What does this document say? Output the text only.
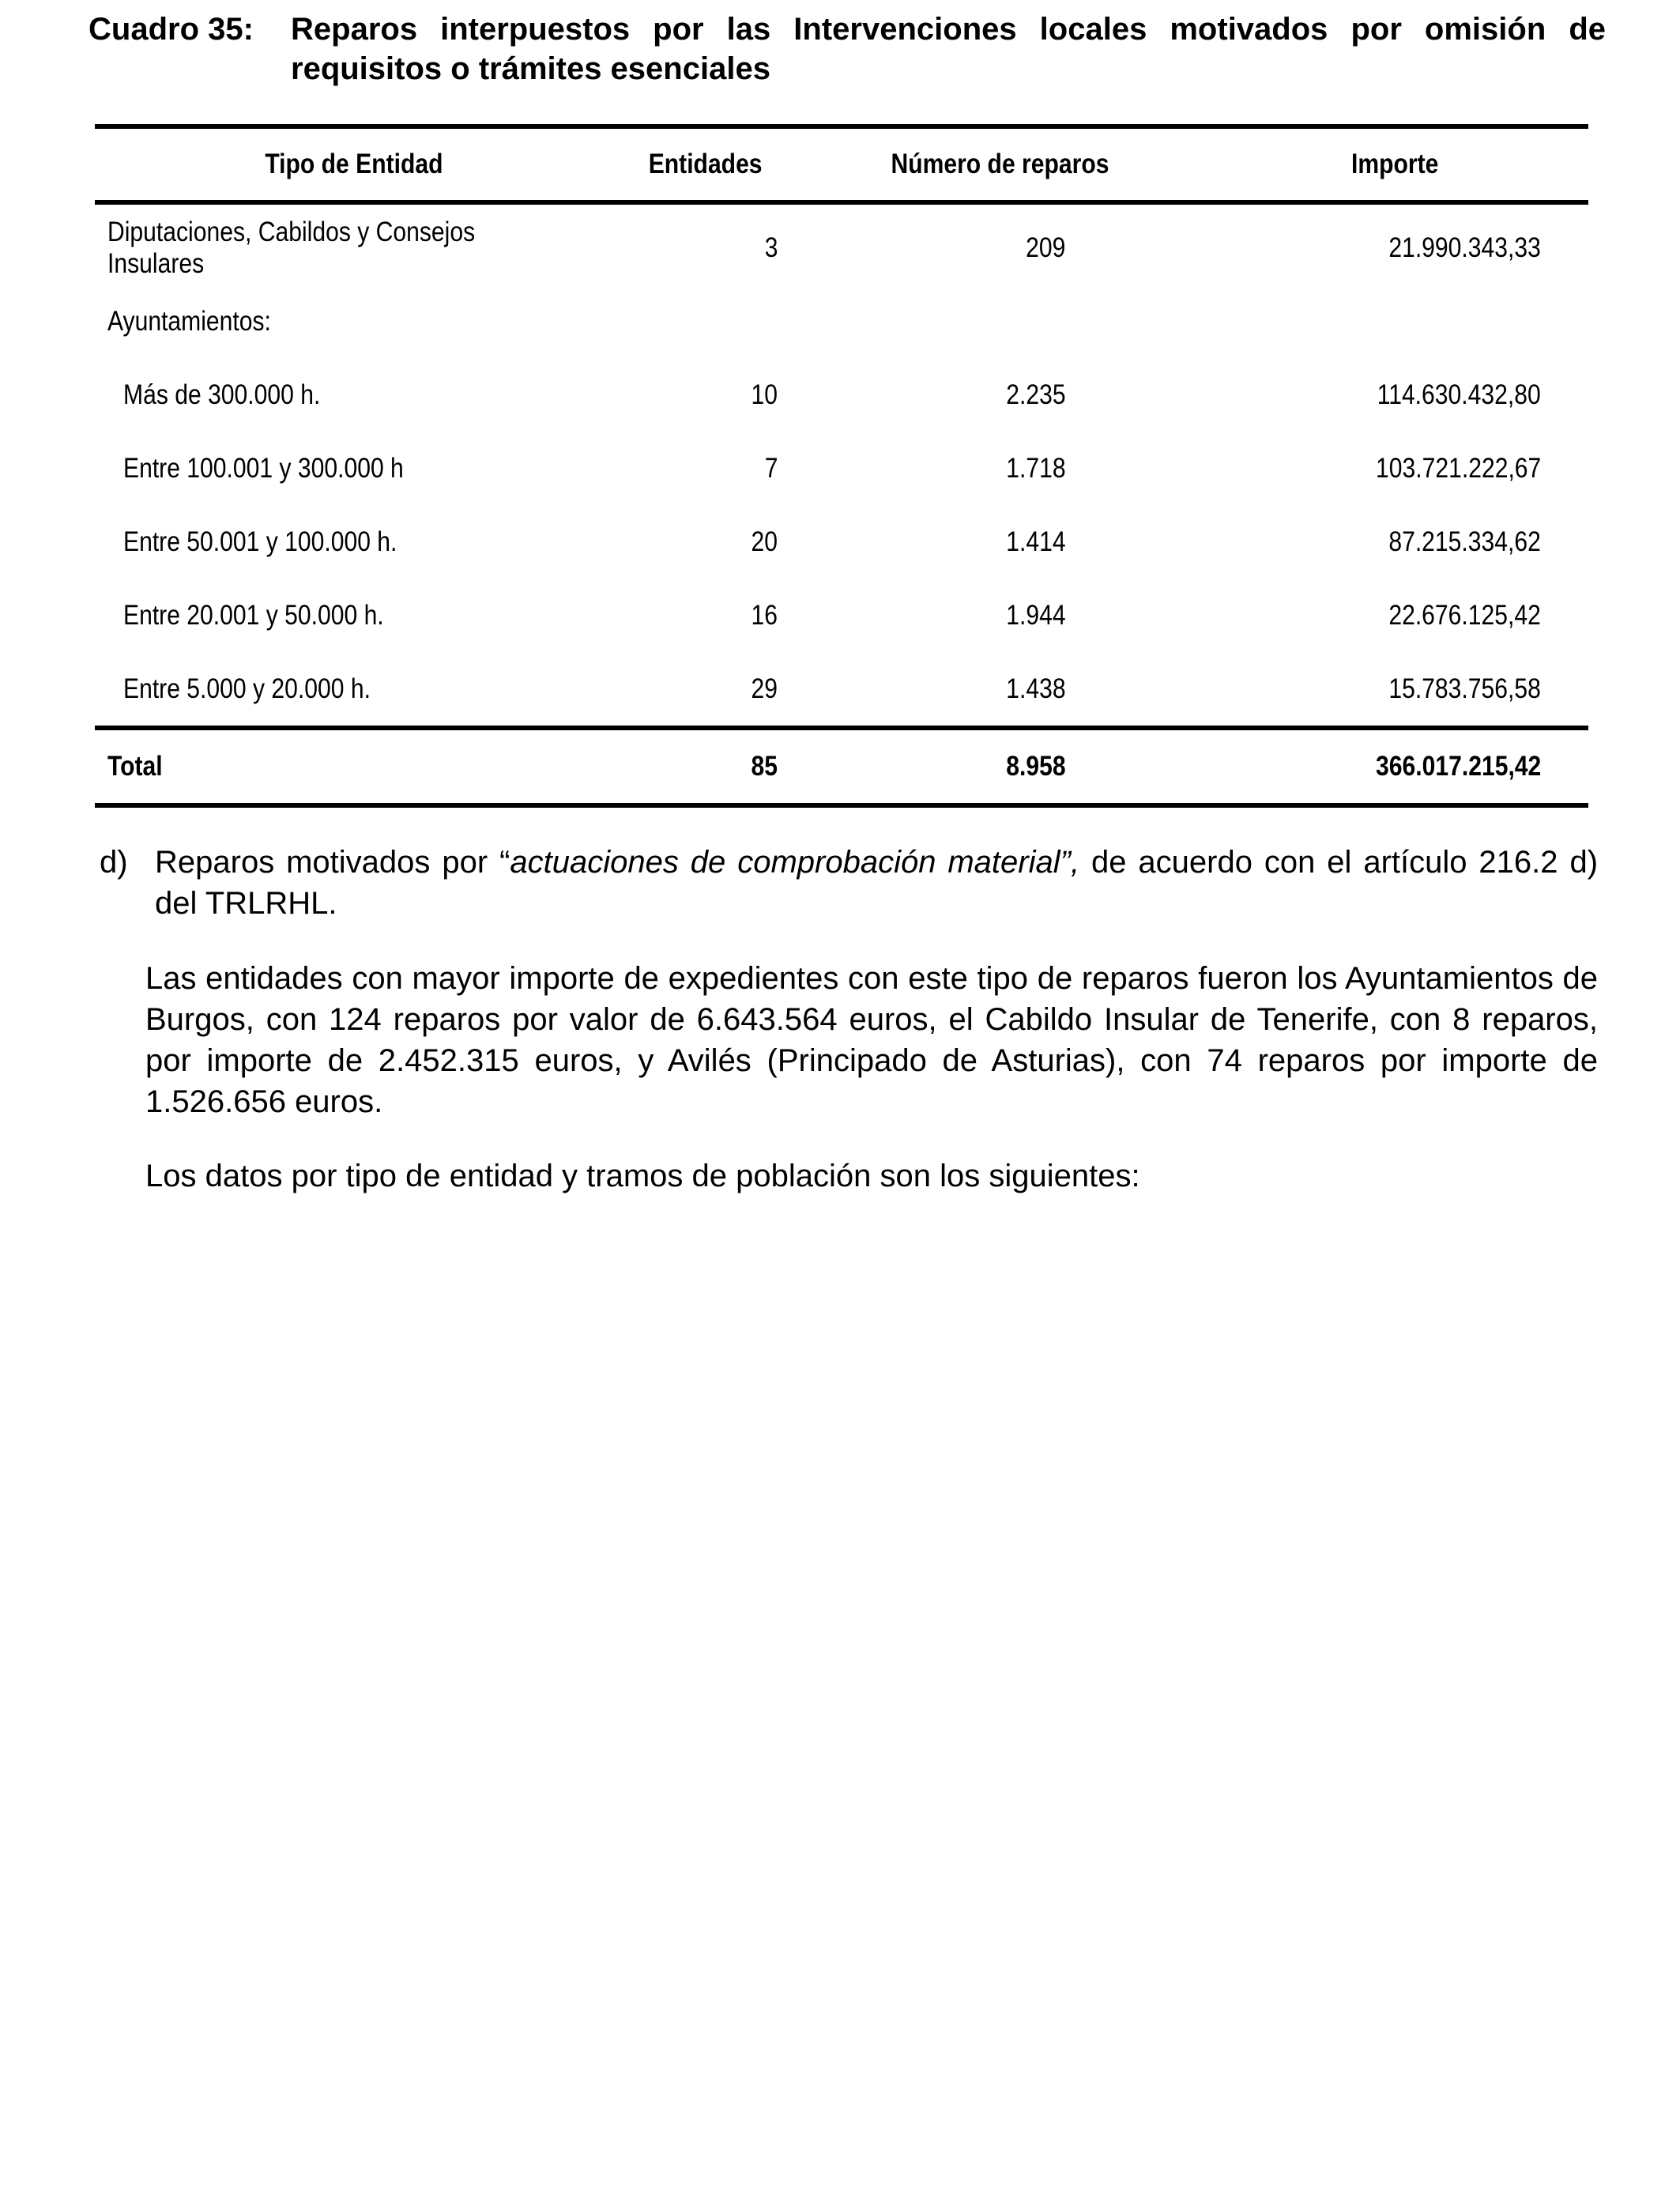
Cuadro 35:	Reparos interpuestos por las Intervenciones locales motivados por omisión de requisitos o trámites esenciales
Tipo de Entidad	Entidades	Número de reparos	Importe
Diputaciones, Cabildos y Consejos Insulares	3	209	21.990.343,33
Ayuntamientos:			
Más de 300.000 h.	10	2.235	114.630.432,80
Entre 100.001 y 300.000 h	7	1.718	103.721.222,67
Entre 50.001 y 100.000 h.	20	1.414	87.215.334,62
Entre 20.001 y 50.000 h.	16	1.944	22.676.125,42
Entre 5.000 y 20.000 h.	29	1.438	15.783.756,58
Total	85	8.958	366.017.215,42
d) Reparos motivados por “actuaciones de comprobación material”, de acuerdo con el artículo 216.2 d) del TRLRHL.
Las entidades con mayor importe de expedientes con este tipo de reparos fueron los Ayuntamientos de Burgos, con 124 reparos por valor de 6.643.564 euros, el Cabildo Insular de Tenerife, con 8 reparos, por importe de 2.452.315 euros, y Avilés (Principado de Asturias), con 74 reparos por importe de 1.526.656 euros.
Los datos por tipo de entidad y tramos de población son los siguientes:
